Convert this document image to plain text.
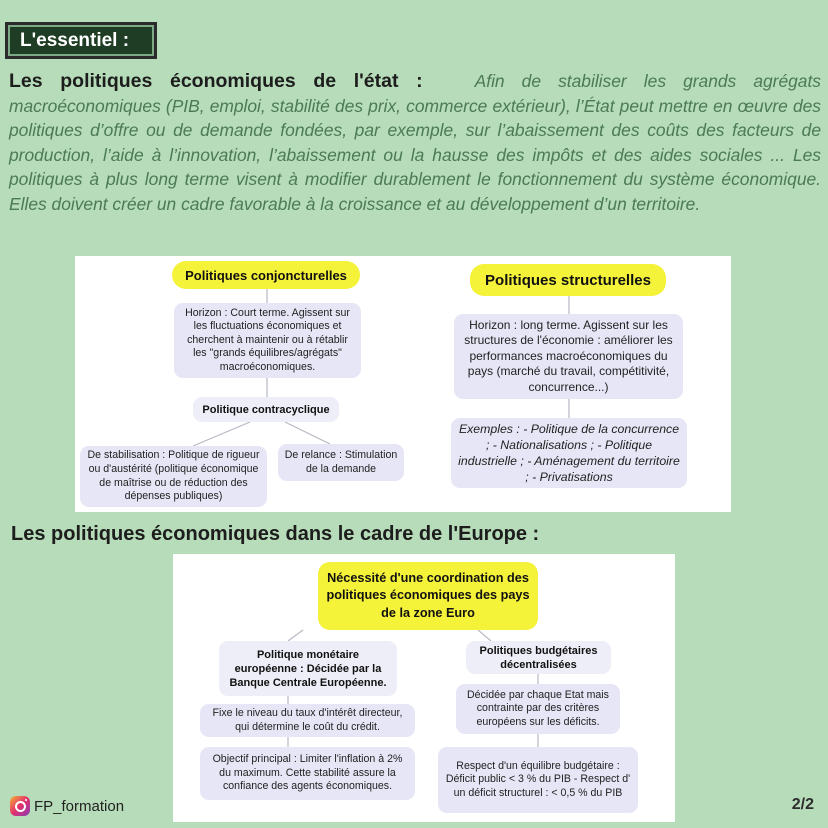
L'essentiel :
Les politiques économiques de l'état :	Afin de stabiliser les grands agrégats macroéconomiques (PIB, emploi, stabilité des prix, commerce extérieur), l’État peut mettre en œuvre des politiques d’offre ou de demande fondées, par exemple, sur l’abaissement des coûts des facteurs de production, l’aide à l’innovation, l’abaissement ou la hausse des impôts et des aides sociales ... Les politiques à plus long terme visent à modifier durablement le fonctionnement du système économique. Elles doivent créer un cadre favorable à la croissance et au développement d’un territoire.
Politiques conjoncturelles
Horizon : Court terme. Agissent sur les fluctuations économiques et cherchent à maintenir ou à rétablir les "grands équilibres/agrégats" macroéconomiques.
Politique contracyclique
De stabilisation : Politique de rigueur ou d'austérité (politique économique de maîtrise ou de réduction des dépenses publiques)
De relance : Stimulation de la demande
Politiques structurelles
Horizon : long terme. Agissent sur les structures de l'économie : améliorer les performances macroéconomiques du pays (marché du travail, compétitivité, concurrence...)
Exemples : - Politique de la concurrence ; - Nationalisations ; - Politique industrielle ; - Aménagement du territoire ; - Privatisations
Les politiques économiques dans le cadre de l'Europe :
Nécessité d'une coordination des politiques économiques des pays de la zone Euro
Politique monétaire européenne : Décidée par la Banque Centrale Européenne.
Politiques budgétaires décentralisées
Fixe le niveau du taux d'intérêt directeur, qui détermine le coût du crédit.
Objectif principal : Limiter l'inflation à 2% du maximum. Cette stabilité assure la confiance des agents économiques.
Décidée par chaque Etat mais contrainte par des critères européens sur les déficits.
Respect d'un équilibre budgétaire : Déficit public < 3 % du PIB - Respect d' un déficit structurel : < 0,5 % du PIB
FP_formation	2/2
